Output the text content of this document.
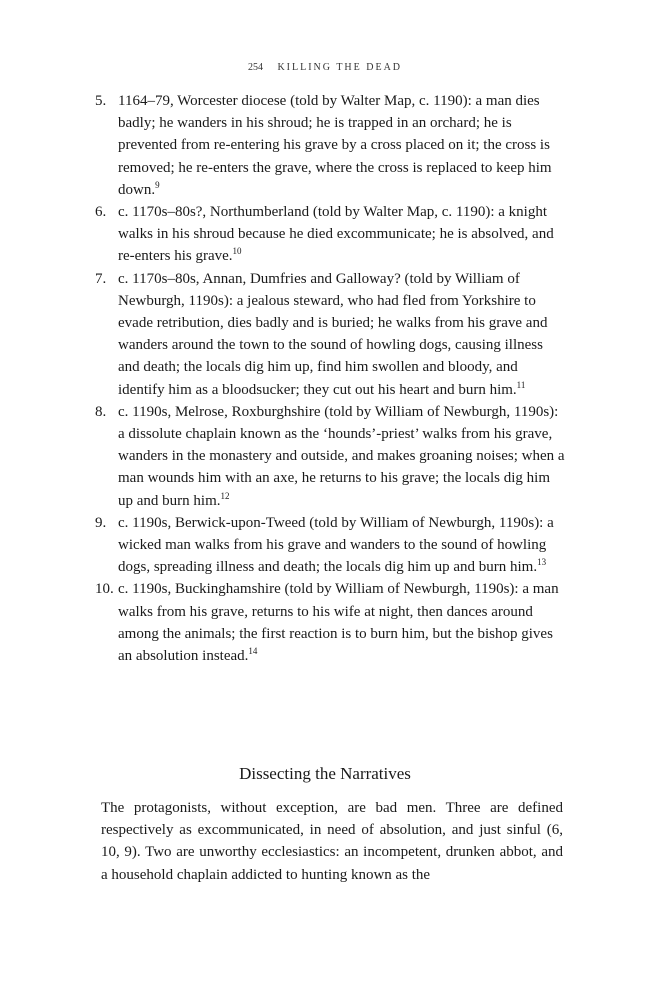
254 KILLING THE DEAD
5. 1164–79, Worcester diocese (told by Walter Map, c. 1190): a man dies badly; he wanders in his shroud; he is trapped in an orchard; he is prevented from re-entering his grave by a cross placed on it; the cross is removed; he re-enters the grave, where the cross is replaced to keep him down.$^9$
6. c. 1170s–80s?, Northumberland (told by Walter Map, c. 1190): a knight walks in his shroud because he died excommunicate; he is absolved, and re-enters his grave.$^{10}$
7. c. 1170s–80s, Annan, Dumfries and Galloway? (told by William of Newburgh, 1190s): a jealous steward, who had fled from Yorkshire to evade retribution, dies badly and is buried; he walks from his grave and wanders around the town to the sound of howling dogs, causing illness and death; the locals dig him up, find him swollen and bloody, and identify him as a bloodsucker; they cut out his heart and burn him.$^{11}$
8. c. 1190s, Melrose, Roxburghshire (told by William of Newburgh, 1190s): a dissolute chaplain known as the ‘hounds’-priest’ walks from his grave, wanders in the monastery and outside, and makes groaning noises; when a man wounds him with an axe, he returns to his grave; the locals dig him up and burn him.$^{12}$
9. c. 1190s, Berwick-upon-Tweed (told by William of Newburgh, 1190s): a wicked man walks from his grave and wanders to the sound of howling dogs, spreading illness and death; the locals dig him up and burn him.$^{13}$
10. c. 1190s, Buckinghamshire (told by William of Newburgh, 1190s): a man walks from his grave, returns to his wife at night, then dances around among the animals; the first reaction is to burn him, but the bishop gives an absolution instead.$^{14}$
Dissecting the Narratives

The protagonists, without exception, are bad men. Three are defined respectively as excommunicated, in need of absolution, and just sinful (6, 10, 9). Two are unworthy ecclesiastics: an incompetent, drunken abbot, and a household chaplain addicted to hunting known as the
